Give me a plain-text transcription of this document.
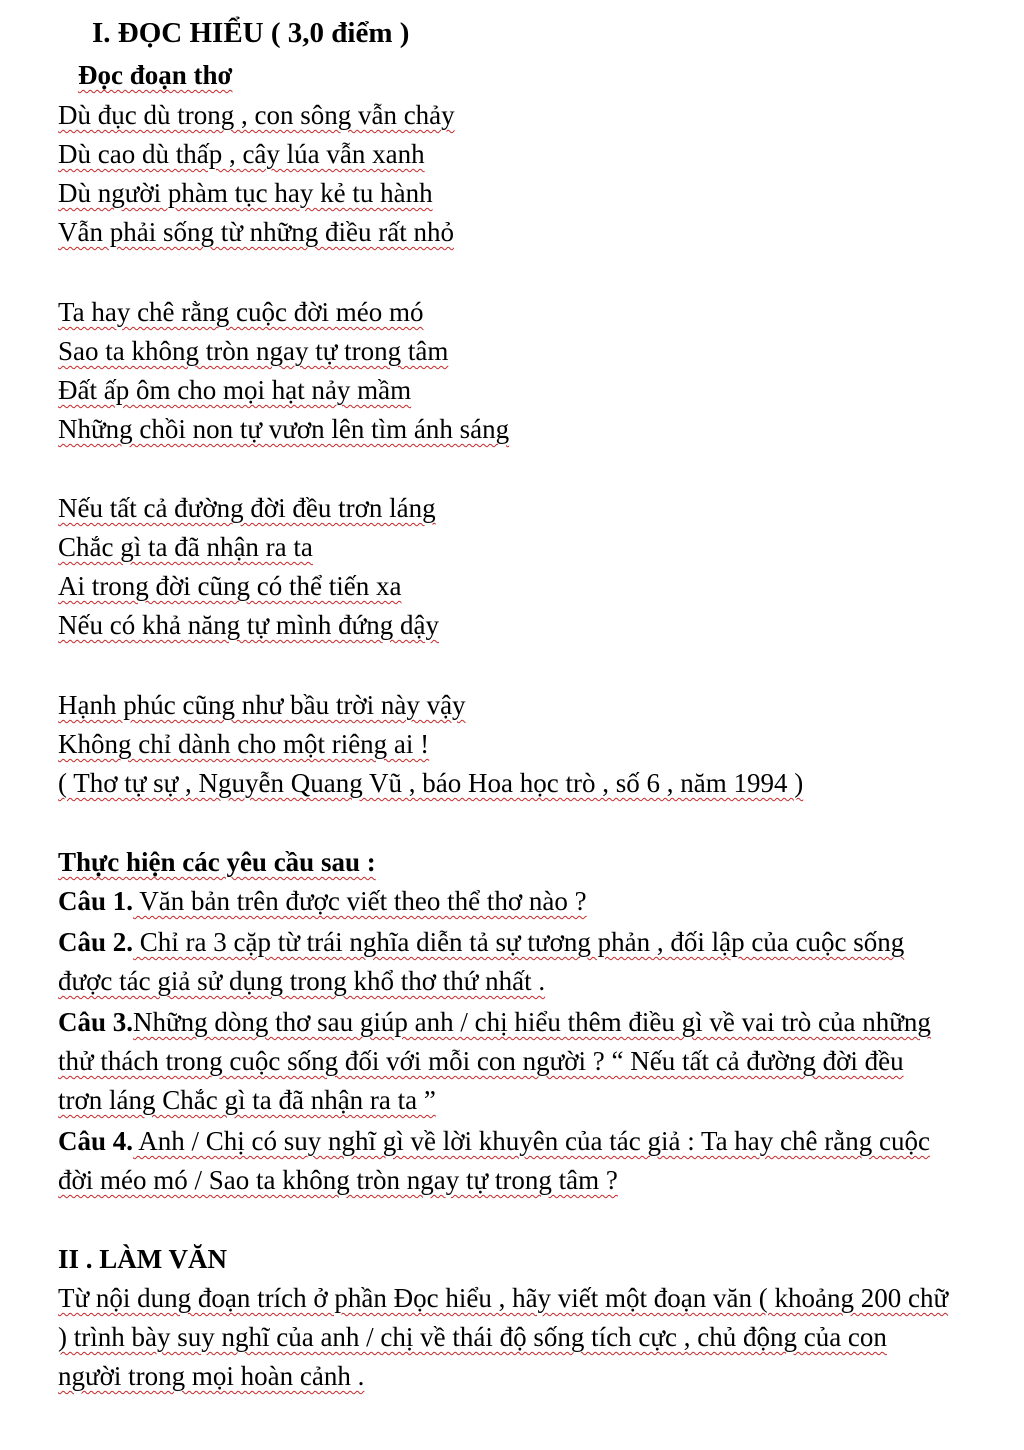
I. ĐỌC HIỂU ( 3,0 điểm )
Đọc đoạn thơ
Dù đục dù trong , con sông vẫn chảy
Dù cao dù thấp , cây lúa vẫn xanh
Dù người phàm tục hay kẻ tu hành
Vẫn phải sống từ những điều rất nhỏ
Ta hay chê rằng cuộc đời méo mó
Sao ta không tròn ngay tự trong tâm
Đất ấp ôm cho mọi hạt nảy mầm
Những chồi non tự vươn lên tìm ánh sáng
Nếu tất cả đường đời đều trơn láng
Chắc gì ta đã nhận ra ta
Ai trong đời cũng có thể tiến xa
Nếu có khả năng tự mình đứng dậy
Hạnh phúc cũng như bầu trời này vậy
Không chỉ dành cho một riêng ai !
( Thơ tự sự , Nguyễn Quang Vũ , báo Hoa học trò , số 6 , năm 1994 )
Thực hiện các yêu cầu sau :
Câu 1. Văn bản trên được viết theo thể thơ nào ?
Câu 2. Chỉ ra 3 cặp từ trái nghĩa diễn tả sự tương phản , đối lập của cuộc sống
được tác giả sử dụng trong khổ thơ thứ nhất .
Câu 3.Những dòng thơ sau giúp anh / chị hiểu thêm điều gì về vai trò của những
thử thách trong cuộc sống đối với mỗi con người ? “ Nếu tất cả đường đời đều
trơn láng Chắc gì ta đã nhận ra ta ”
Câu 4. Anh / Chị có suy nghĩ gì về lời khuyên của tác giả : Ta hay chê rằng cuộc
đời méo mó / Sao ta không tròn ngay tự trong tâm ?
II . LÀM VĂN
Từ nội dung đoạn trích ở phần Đọc hiểu , hãy viết một đoạn văn ( khoảng 200 chữ
) trình bày suy nghĩ của anh / chị về thái độ sống tích cực , chủ động của con
người trong mọi hoàn cảnh .
